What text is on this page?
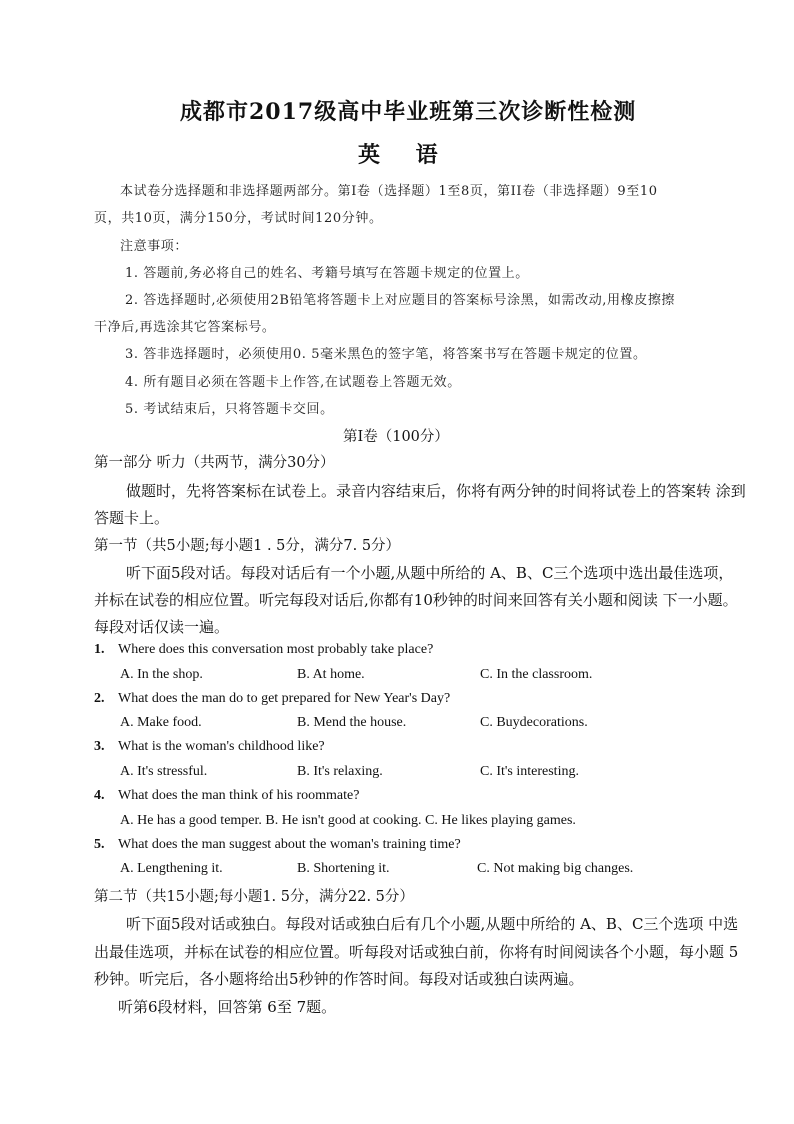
成都市2017级高中毕业班第三次诊断性检测
英 语
本试卷分选择题和非选择题两部分。第Ⅰ卷（选择题）1至8页，第II卷（非选择题）9至10
页，共10页，满分150分，考试时间120分钟。
注意事项：
1. 答题前,务必将自己的姓名、考籍号填写在答题卡规定的位置上。
2. 答选择题时,必须使用2B铅笔将答题卡上对应题目的答案标号涂黑，如需改动,用橡皮擦擦
干净后,再选涂其它答案标号。
3. 答非选择题时，必须使用0. 5毫米黑色的签字笔，将答案书写在答题卡规定的位置。
4. 所有题目必须在答题卡上作答,在试题卷上答题无效。
5. 考试结束后，只将答题卡交回。
第Ⅰ卷（100分）
第一部分 听力（共两节，满分30分）
做题时，先将答案标在试卷上。录音内容结束后，你将有两分钟的时间将试卷上的答案转 涂到
答题卡上。
第一节（共5小题;每小题1 . 5分，满分7. 5分）
听下面5段对话。每段对话后有一个小题,从题中所给的 A、B、C三个选项中选出最佳选项，
并标在试卷的相应位置。听完每段对话后,你都有10秒钟的时间来回答有关小题和阅读 下一小题。
每段对话仅读一遍。
1. Where does this conversation most probably take place?
A. In the shop.	B. At home.	C. In the classroom.
2. What does the man do to get prepared for New Year's Day?
A. Make food.	B. Mend the house.	C. Buydecorations.
3. What is the woman's childhood like?
A. It's stressful.	B. It's relaxing.	C. It's interesting.
4. What does the man think of his roommate?
A. He has a good temper. B. He isn't good at cooking. C. He likes playing games.
5. What does the man suggest about the woman's training time?
A. Lengthening it.	B. Shortening it.	C. Not making big changes.
第二节（共15小题;每小题1. 5分，满分22. 5分）
听下面5段对话或独白。每段对话或独白后有几个小题,从题中所给的 A、B、C三个选项 中选
出最佳选项，并标在试卷的相应位置。听每段对话或独白前，你将有时间阅读各个小题，每小题 5
秒钟。听完后，各小题将给出5秒钟的作答时间。每段对话或独白读两遍。
听第6段材料，回答第 6至 7题。
